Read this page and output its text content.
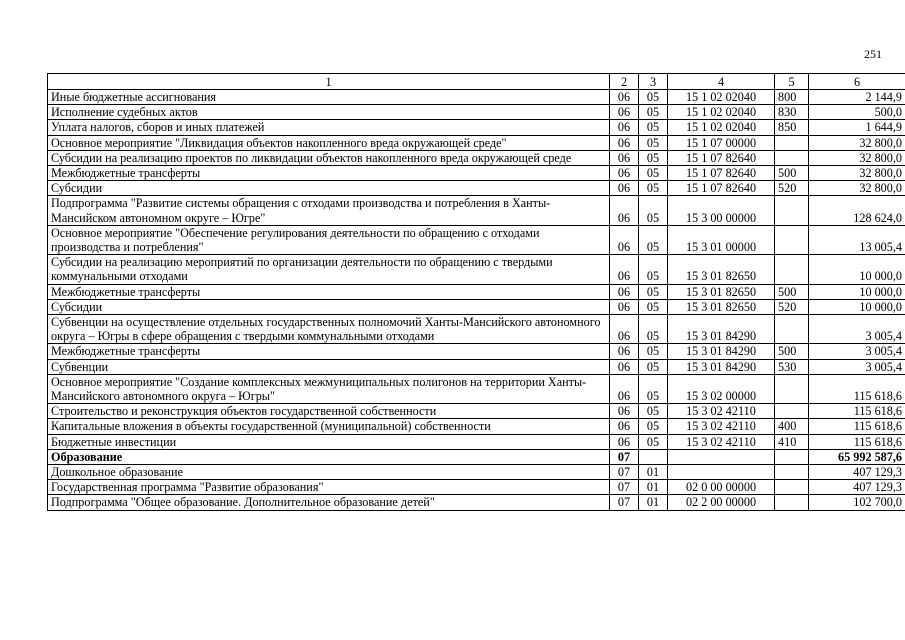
251
1	2	3	4	5	6
Иные бюджетные ассигнования	06	05	15 1 02 02040	800	2 144,9
Исполнение судебных актов	06	05	15 1 02 02040	830	500,0
Уплата налогов, сборов и иных платежей	06	05	15 1 02 02040	850	1 644,9
Основное мероприятие "Ликвидация объектов накопленного вреда окружающей среде"	06	05	15 1 07 00000		32 800,0
Субсидии на реализацию проектов по ликвидации объектов накопленного вреда окружающей среде	06	05	15 1 07 82640		32 800,0
Межбюджетные трансферты	06	05	15 1 07 82640	500	32 800,0
Субсидии	06	05	15 1 07 82640	520	32 800,0
Подпрограмма "Развитие системы обращения с отходами производства и потребления в Ханты-Мансийском автономном округе – Югре"	06	05	15 3 00 00000		128 624,0
Основное мероприятие "Обеспечение регулирования деятельности по обращению с отходами производства и потребления"	06	05	15 3 01 00000		13 005,4
Субсидии на реализацию мероприятий по организации деятельности по обращению с твердыми коммунальными отходами	06	05	15 3 01 82650		10 000,0
Межбюджетные трансферты	06	05	15 3 01 82650	500	10 000,0
Субсидии	06	05	15 3 01 82650	520	10 000,0
Субвенции на осуществление отдельных государственных полномочий Ханты-Мансийского автономного округа – Югры в сфере обращения с твердыми коммунальными отходами	06	05	15 3 01 84290		3 005,4
Межбюджетные трансферты	06	05	15 3 01 84290	500	3 005,4
Субвенции	06	05	15 3 01 84290	530	3 005,4
Основное мероприятие "Создание комплексных межмуниципальных полигонов на территории Ханты-Мансийского автономного округа – Югры"	06	05	15 3 02 00000		115 618,6
Строительство и реконструкция объектов государственной собственности	06	05	15 3 02 42110		115 618,6
Капитальные вложения в объекты государственной (муниципальной) собственности	06	05	15 3 02 42110	400	115 618,6
Бюджетные инвестиции	06	05	15 3 02 42110	410	115 618,6
Образование	07				65 992 587,6
Дошкольное образование	07	01			407 129,3
Государственная программа "Развитие образования"	07	01	02 0 00 00000		407 129,3
Подпрограмма "Общее образование. Дополнительное образование детей"	07	01	02 2 00 00000		102 700,0
